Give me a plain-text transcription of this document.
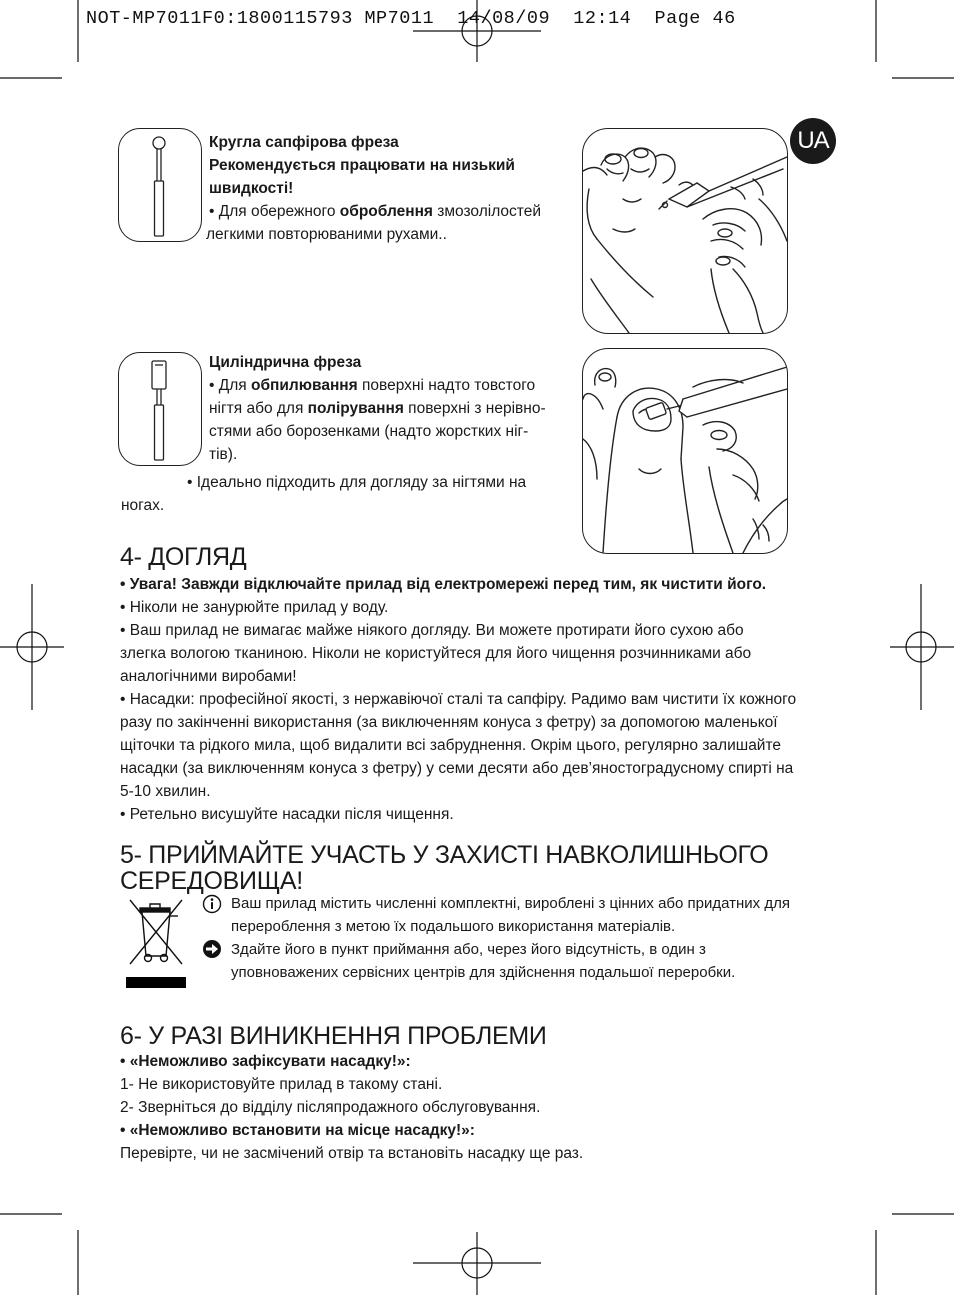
NOT-MP7011F0:1800115793 MP7011  14/08/09  12:14  Page 46
UA

Кругла сапфірова фреза

Рекомендується працювати на низький

швидкості!

• Для обережного оброблення змозолілостей

легкими повторюваними рухами..

Циліндрична фреза

• Для обпилювання поверхні надто товстого

нігтя або для полірування поверхні з нерівно-

стями або борозенками (надто жорстких ніг-

тів).

• Ідеально підходить для догляду за нігтями на
ногах.
4- ДОГЛЯД

• Увага! Завжди відключайте прилад від електромережі перед тим, як чистити його.

• Ніколи не занурюйте прилад у воду.

• Ваш прилад не вимагає майже ніякого догляду. Ви можете протирати його сухою або

злегка вологою тканиною. Ніколи не користуйтеся для його чищення розчинниками або

аналогічними виробами!

• Насадки: професійної якості, з нержавіючої сталі та сапфіру. Радимо вам чистити їх кожного

разу по закінченні використання (за виключенням конуса з фетру) за допомогою маленької

щіточки та рідкого мила, щоб видалити всі забруднення. Окрім цього, регулярно залишайте

насадки (за виключенням конуса з фетру) у семи десяти або дев’яностоградусному спирті на

5-10 хвилин.

• Ретельно висушуйте насадки після чищення.

5- ПРИЙМАЙТЕ УЧАСТЬ У ЗАХИСТІ НАВКОЛИШНЬОГО

СЕРЕДОВИЩА!

Ваш прилад містить численні комплектні, вироблені з цінних або придатних для

перероблення з метою їх подальшого використання матеріалів.

Здайте його в пункт приймання або, через його відсутність, в один з

уповноважених сервісних центрів для здійснення подальшої переробки.

6- У РАЗІ ВИНИКНЕННЯ ПРОБЛЕМИ

• «Неможливо зафіксувати насадку!»:

1- Не використовуйте прилад в такому стані.

2- Зверніться до відділу післяпродажного обслуговування.

• «Неможливо встановити на місце насадку!»:

Перевірте, чи не засмічений отвір та встановіть насадку ще раз.
